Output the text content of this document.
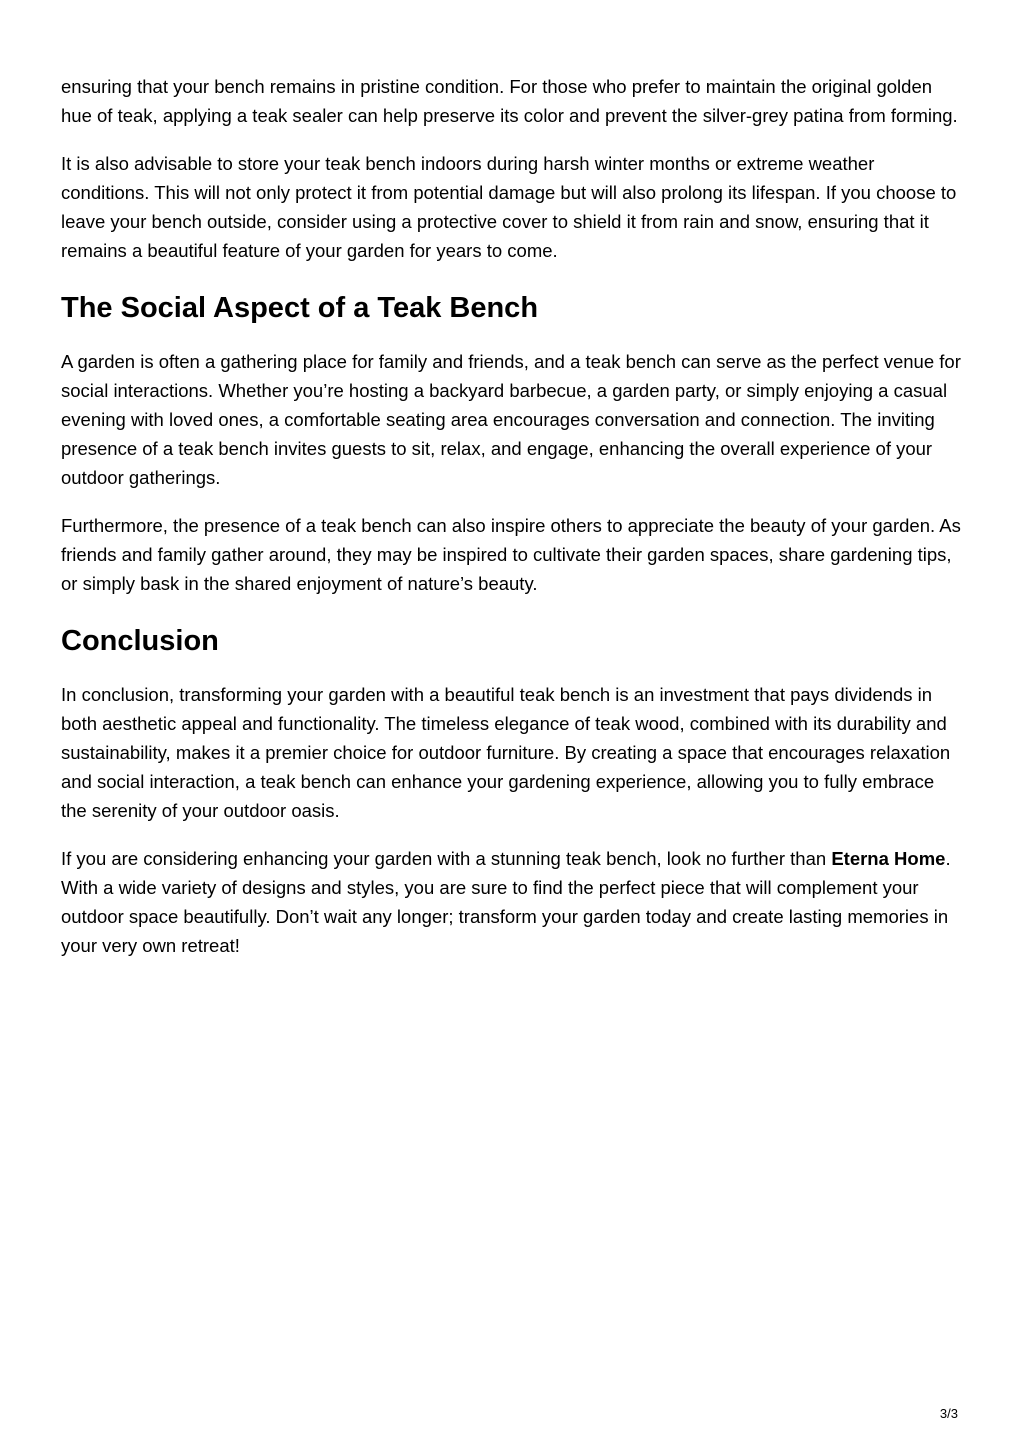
ensuring that your bench remains in pristine condition. For those who prefer to maintain the original golden hue of teak, applying a teak sealer can help preserve its color and prevent the silver-grey patina from forming.

It is also advisable to store your teak bench indoors during harsh winter months or extreme weather conditions. This will not only protect it from potential damage but will also prolong its lifespan. If you choose to leave your bench outside, consider using a protective cover to shield it from rain and snow, ensuring that it remains a beautiful feature of your garden for years to come.

The Social Aspect of a Teak Bench

A garden is often a gathering place for family and friends, and a teak bench can serve as the perfect venue for social interactions. Whether you’re hosting a backyard barbecue, a garden party, or simply enjoying a casual evening with loved ones, a comfortable seating area encourages conversation and connection. The inviting presence of a teak bench invites guests to sit, relax, and engage, enhancing the overall experience of your outdoor gatherings.

Furthermore, the presence of a teak bench can also inspire others to appreciate the beauty of your garden. As friends and family gather around, they may be inspired to cultivate their garden spaces, share gardening tips, or simply bask in the shared enjoyment of nature’s beauty.

Conclusion

In conclusion, transforming your garden with a beautiful teak bench is an investment that pays dividends in both aesthetic appeal and functionality. The timeless elegance of teak wood, combined with its durability and sustainability, makes it a premier choice for outdoor furniture. By creating a space that encourages relaxation and social interaction, a teak bench can enhance your gardening experience, allowing you to fully embrace the serenity of your outdoor oasis.

If you are considering enhancing your garden with a stunning teak bench, look no further than Eterna Home. With a wide variety of designs and styles, you are sure to find the perfect piece that will complement your outdoor space beautifully. Don’t wait any longer; transform your garden today and create lasting memories in your very own retreat!

3/3
